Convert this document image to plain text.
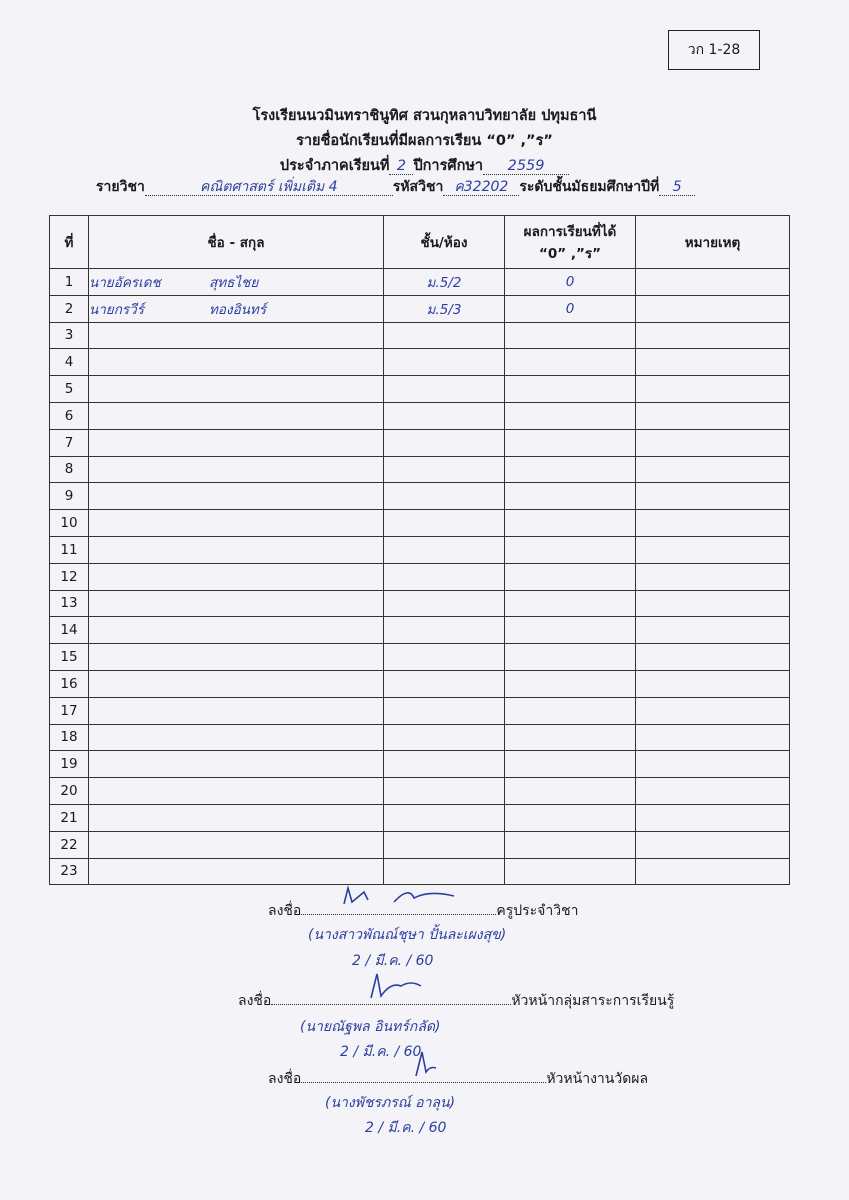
วก 1-28
โรงเรียนนวมินทราชินูทิศ สวนกุหลาบวิทยาลัย ปทุมธานี
รายชื่อนักเรียนที่มีผลการเรียน “0” ,”ร”
ประจำภาคเรียนที่ 2 ปีการศึกษา 2559
รายวิชา	คณิตศาสตร์ เพิ่มเติม 4	รหัสวิชา ค32202 ระดับชั้นมัธยมศึกษาปีที่ 5
ที่	ชื่อ - สกุล	ชั้น/ห้อง	ผลการเรียนที่ได้
“0” ,”ร”	หมายเหตุ
1	นายอัครเดช สุทธไชย	ม.5/2	0	
2	นายกรวีร์ ทองอินทร์	ม.5/3	0	
3				
4				
5				
6				
7				
8				
9				
10				
11				
12				
13				
14				
15				
16				
17				
18				
19				
20				
21				
22				
23				
ลงชื่อ	ครูประจำวิชา
(นางสาวพัณณ์ชุษา ปั้นละเผงสุข)
2 / มี.ค. / 60
ลงชื่อ	หัวหน้ากลุ่มสาระการเรียนรู้
(นายณัฐพล อินทร์กลัด)
2 / มี.ค. / 60
ลงชื่อ	หัวหน้างานวัดผล
(นางพัชรภรณ์ อาลุน)
2 / มี.ค. / 60
